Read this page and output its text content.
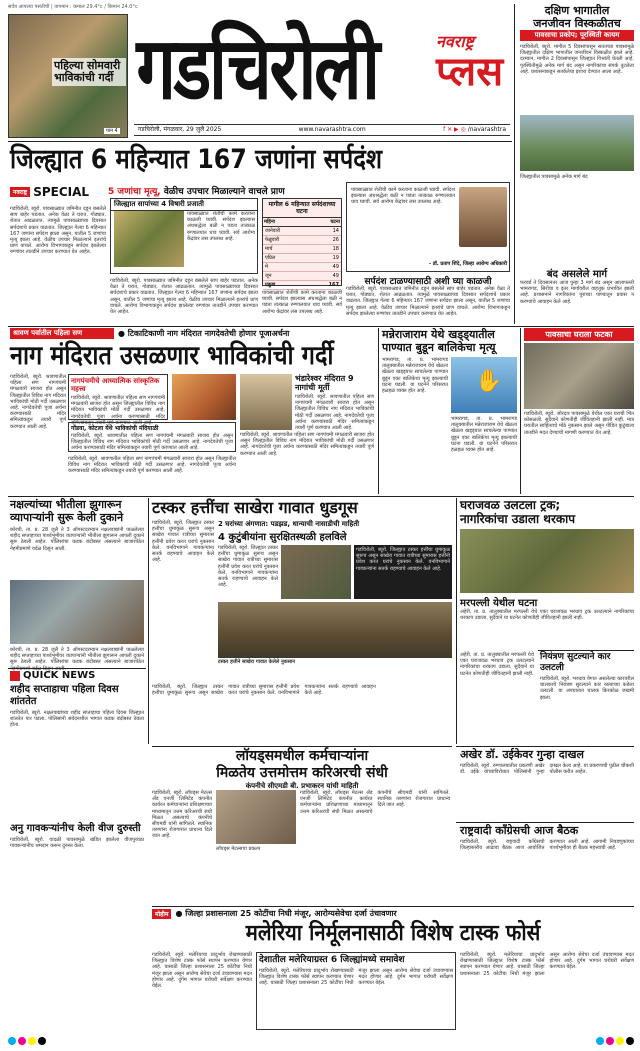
सर्वत्र आपल्या पसंतीची | तापमान : कमाल 29.4°c / किमान 24.0°c
पहिल्या सोमवारी भाविकांची गर्दी
पान 4
गडचिरोली	नवराष्ट्र
प्लस
गडचिरोली, मंगळवार, 29 जुलै 2025	www.navarashtra.com	f ✕ ▶ ◎ /navarashtra
दक्षिण भागातील
जनजीवन विस्कळीतच
पावसाचा प्रकोप; पूरस्थिती कायम
गडचिरोली, ब्यूरो. मागील 5 दिवसांपासून सततच्या पावसामुळे जिल्ह्यातील दक्षिण भागातील जनजीवन विस्कळीत झाले आहे. दरम्यान, मागील 2 दिवसांपासून जिल्ह्यात विश्रांती घेतली आहे. पूरस्थितीमुळे अनेक मार्ग बंद असून नागरिकांचा संपर्क तुटलेला आहे. प्रशासनाकडून सतर्कतेचा इशारा देण्यात आला आहे.
जिल्ह्यातील पावसामुळे अनेक मार्ग बंद
बंद असलेले मार्ग
फरवर्ड ते दिवसानंतर आज पुन्हा 3 मार्ग बंद असून आलापल्ली भामरागड, सिरोंचा व इतर मार्गांवरील वाहतूक प्रभावित झाली आहे. प्रशासनाने नागरिकांना पुराच्या पाण्यातून प्रवास न करण्याचे आवाहन केले आहे.
जिल्ह्यात 6 महिन्यात 167 जणांना सर्पदंश
नवराष्ट्र SPECIAL 5 जणांचा मृत्यू, वेळीच उपचार मिळाल्याने वाचले प्राण
गडचिरोली, ब्यूरो. पावसाळ्यात जमिनीत दडून बसलेले साप बाहेर पडतात. अनेक वेळा ते घरात, गोठ्यात, शेतात आढळतात. त्यामुळे पावसाळ्याच्या दिवसात सर्पदंशाचे प्रकार वाढतात. जिल्ह्यात गेल्या 6 महिन्यात 167 जणांना सर्पदंश झाला असून, यातील 5 जणांचा मृत्यू झाला आहे. वेळीच उपचार मिळाल्याने इतरांचे प्राण वाचले. आरोग्य विभागाकडून सर्पदंश झालेल्या रुग्णांवर तातडीने उपचार करण्यात येत आहेत.
जिल्ह्यात सापांच्या 4 विषारी प्रजाती
पावसाळ्यात शेतीची कामे करताना काळजी घ्यावी. सर्पदंश झाल्यास अंधश्रद्धेला बळी न पडता तात्काळ रुग्णालयात धाव घ्यावी. सर्व आरोग्य केंद्रांवर लस उपलब्ध आहे.
मागील 6 महिन्यात सर्पदंशाच्या घटना
महिना	घटना
जानेवारी	14
फेब्रुवारी	26
मार्च	18
एप्रिल	19
मे	49
जून	49
एकूण	167
गडचिरोली, ब्यूरो. पावसाळ्यात जमिनीत दडून बसलेले साप बाहेर पडतात. अनेक वेळा ते घरात, गोठ्यात, शेतात आढळतात. त्यामुळे पावसाळ्याच्या दिवसात सर्पदंशाचे प्रकार वाढतात. जिल्ह्यात गेल्या 6 महिन्यात 167 जणांना सर्पदंश झाला असून, यातील 5 जणांचा मृत्यू झाला आहे. वेळीच उपचार मिळाल्याने इतरांचे प्राण वाचले. आरोग्य विभागाकडून सर्पदंश झालेल्या रुग्णांवर तातडीने उपचार करण्यात येत आहेत.
पावसाळ्यात शेतीची कामे करताना काळजी घ्यावी. सर्पदंश झाल्यास अंधश्रद्धेला बळी न पडता तात्काळ रुग्णालयात धाव घ्यावी. सर्व आरोग्य केंद्रांवर लस उपलब्ध आहे.
पावसाळ्यात शेतीची कामे करताना काळजी घ्यावी. सर्पदंश झाल्यास अंधश्रद्धेला बळी न पडता तात्काळ रुग्णालयात धाव घ्यावी. सर्व आरोग्य केंद्रांवर लस उपलब्ध आहे.
- डॉ. प्रताप शिंदे, जिल्हा आरोग्य अधिकारी
सर्पदंश टाळण्यासाठी अशी घ्या काळजी
गडचिरोली, ब्यूरो. पावसाळ्यात जमिनीत दडून बसलेले साप बाहेर पडतात. अनेक वेळा ते घरात, गोठ्यात, शेतात आढळतात. त्यामुळे पावसाळ्याच्या दिवसात सर्पदंशाचे प्रकार वाढतात. जिल्ह्यात गेल्या 6 महिन्यात 167 जणांना सर्पदंश झाला असून, यातील 5 जणांचा मृत्यू झाला आहे. वेळीच उपचार मिळाल्याने इतरांचे प्राण वाचले. आरोग्य विभागाकडून सर्पदंश झालेल्या रुग्णांवर तातडीने उपचार करण्यात येत आहेत.
श्रावण पर्वातील पहिला सण	● टिकाटिकाणी नाग मंदिरात नागदेवतेची होणार पूजाअर्चना
नाग मंदिरात उसळणार भाविकांची गर्दी
गडचिरोली, ब्यूरो. श्रावणातील पहिला सण नागपंचमी मंगळवारी साजरा होत असून जिल्ह्यातील विविध नाग मंदिरात भाविकांची मोठी गर्दी उसळणार आहे. नागदेवतेची पूजा अर्चना करण्यासाठी मंदिर समित्यांकडून तयारी पूर्ण करण्यात आली आहे.
नागपंचमीचे आध्यात्मिक सांस्कृतिक महत्त्व
गडचिरोली, ब्यूरो. श्रावणातील पहिला सण नागपंचमी मंगळवारी साजरा होत असून जिल्ह्यातील विविध नाग मंदिरात भाविकांची मोठी गर्दी उसळणार आहे. नागदेवतेची पूजा अर्चना करण्यासाठी मंदिर समित्यांकडून तयारी पूर्ण करण्यात आली आहे.
गोंडवा, कोटला येथे भाविकांची मंदियाळी
गडचिरोली, ब्यूरो. श्रावणातील पहिला सण नागपंचमी मंगळवारी साजरा होत असून जिल्ह्यातील विविध नाग मंदिरात भाविकांची मोठी गर्दी उसळणार आहे. नागदेवतेची पूजा अर्चना करण्यासाठी मंदिर समित्यांकडून तयारी पूर्ण करण्यात आली आहे.
गडचिरोली, ब्यूरो. श्रावणातील पहिला सण नागपंचमी मंगळवारी साजरा होत असून जिल्ह्यातील विविध नाग मंदिरात भाविकांची मोठी गर्दी उसळणार आहे. नागदेवतेची पूजा अर्चना करण्यासाठी मंदिर समित्यांकडून तयारी पूर्ण करण्यात आली आहे.
भंडारेश्वर मंदिरात 9 नागांची मूर्ती
गडचिरोली, ब्यूरो. श्रावणातील पहिला सण नागपंचमी मंगळवारी साजरा होत असून जिल्ह्यातील विविध नाग मंदिरात भाविकांची मोठी गर्दी उसळणार आहे. नागदेवतेची पूजा अर्चना करण्यासाठी मंदिर समित्यांकडून तयारी पूर्ण करण्यात आली आहे.
गडचिरोली, ब्यूरो. श्रावणातील पहिला सण नागपंचमी मंगळवारी साजरा होत असून जिल्ह्यातील विविध नाग मंदिरात भाविकांची मोठी गर्दी उसळणार आहे. नागदेवतेची पूजा अर्चना करण्यासाठी मंदिर समित्यांकडून तयारी पूर्ण करण्यात आली आहे.
मन्नेराजाराम येथे खड्ड्यातील
पाण्यात बुडून बालिकेचा मृत्यू
भामरागड, ता. प्र. भामरागड तालुक्यातील मन्नेराजाराम येथे खेळता खेळता खड्ड्यात साचलेल्या पाण्यात बुडून एका बालिकेचा मृत्यू झाल्याची घटना घडली. या घटनेने परिसरात हळहळ व्यक्त होत आहे.	✋
भामरागड, ता. प्र. भामरागड तालुक्यातील मन्नेराजाराम येथे खेळता खेळता खड्ड्यात साचलेल्या पाण्यात बुडून एका बालिकेचा मृत्यू झाल्याची घटना घडली. या घटनेने परिसरात हळहळ व्यक्त होत आहे.
पावसाचा घराला फटका
गडचिरोली, ब्यूरो. जोरदार पावसामुळे येथील एका घराची भिंत कोसळली. सुदैवाने कोणतीही जीवितहानी झाली नाही. मात्र घरातील साहित्याचे मोठे नुकसान झाले असून पीडित कुटुंबाला तातडीने मदत देण्याची मागणी करण्यात येत आहे.
नक्षल्यांच्या भीतीला झुगारून
व्यापाऱ्यांनी सुरू केली दुकाने
कोरची, ता. प्र. 28 जुलै ते 3 ऑगस्टदरम्यान नक्षलवाद्यांनी पाळलेल्या शहीद सप्ताहाच्या पार्श्वभूमीवर व्यापाऱ्यांनी भीतीला झुगारून आपली दुकाने सुरू ठेवली आहेत. पोलिसांचा कडक बंदोबस्त असल्याने बाजारपेठेत नेहमीप्रमाणे वर्दळ दिसून आली.
कोरची, ता. प्र. 28 जुलै ते 3 ऑगस्टदरम्यान नक्षलवाद्यांनी पाळलेल्या शहीद सप्ताहाच्या पार्श्वभूमीवर व्यापाऱ्यांनी भीतीला झुगारून आपली दुकाने सुरू ठेवली आहेत. पोलिसांचा कडक बंदोबस्त असल्याने बाजारपेठेत
टस्कर हत्तींचा साखेरा गावात धुडगूस
गडचिरोली, ब्यूरो. जिल्ह्यात टस्कर हत्तींचा धुमाकूळ सुरूच असून साखेरा गावात रात्रीच्या सुमारास हत्तींनी प्रवेश करत घरांचे नुकसान केले. वनविभागाने गावकऱ्यांना सतर्क राहण्याचे आवाहन केले आहे.
2 घरांच्या अंगणात: पडझड, धान्याची नासाडीची माहिती
4 कुटुंबीयांना सुरक्षितस्थळी हलविले
गडचिरोली, ब्यूरो. जिल्ह्यात टस्कर हत्तींचा धुमाकूळ सुरूच असून साखेरा गावात रात्रीच्या सुमारास हत्तींनी प्रवेश करत घरांचे नुकसान केले. वनविभागाने गावकऱ्यांना सतर्क राहण्याचे आवाहन केले आहे.
गडचिरोली, ब्यूरो. जिल्ह्यात टस्कर हत्तींचा धुमाकूळ सुरूच असून साखेरा गावात रात्रीच्या सुमारास हत्तींनी प्रवेश करत घरांचे नुकसान केले. वनविभागाने गावकऱ्यांना सतर्क राहण्याचे आवाहन केले आहे.
टस्कर हत्तीने साखेरा गावात केलेले नुकसान
गडचिरोली, ब्यूरो. जिल्ह्यात टस्कर हत्तींचा धुमाकूळ सुरूच असून साखेरा गावात रात्रीच्या सुमारास हत्तींनी प्रवेश करत घरांचे नुकसान केले. वनविभागाने गावकऱ्यांना सतर्क राहण्याचे आवाहन केले आहे.
घराजवळ उलटला ट्रक;
नागरिकांचा उडाला थरकाप
मरपल्ली येथील घटना
अहेरी, ता. प्र. तालुक्यातील मरपल्ली येथे एका घराजवळ भरधाव ट्रक उलटल्याने नागरिकांचा थरकाप उडाला. सुदैवाने या घटनेत कोणतीही जीवितहानी झाली नाही.
नियंत्रण सुटल्याने कार उलटली
गडचिरोली, ब्यूरो. भरधाव वेगात असलेल्या कारवरील चालकाचे नियंत्रण सुटल्याने कार रस्त्याच्या कडेला उलटली. या अपघातात चालक किरकोळ जखमी झाला.
अहेरी, ता. प्र. तालुक्यातील मरपल्ली येथे एका घराजवळ भरधाव ट्रक उलटल्याने नागरिकांचा थरकाप उडाला. सुदैवाने या घटनेत कोणतीही जीवितहानी झाली नाही.
QUICK NEWS
शहीद सप्ताहाचा पहिला दिवस शांततेत
गडचिरोली, ब्यूरो. नक्षलवाद्यांच्या शहीद सप्ताहाचा पहिला दिवस जिल्ह्यात शांततेत पार पडला. पोलिसांनी संवेदनशील भागात कडक बंदोबस्त ठेवला होता.
अनु गावकऱ्यांनीच केली वीज दुरुस्ती
गडचिरोली, ब्यूरो. वादळी पावसामुळे खंडित झालेला वीजपुरवठा गावकऱ्यांनीच श्रमदान करून दुरुस्त केला.
लॉयड्समधील कर्मचाऱ्यांना
मिळतेय उत्तमोत्तम करिअरची संधी
कंपनीचे सीएमडी बी. प्रभाकरन यांची माहिती
गडचिरोली, ब्यूरो. लॉयड्स मेटल्स अँड एनर्जी लिमिटेड कंपनीत कार्यरत कर्मचाऱ्यांना प्रशिक्षणाच्या माध्यमातून उत्तम करिअरची संधी मिळत असल्याचे कंपनीचे सीएमडी यांनी सांगितले. स्थानिक तरुणांना रोजगारात प्राधान्य दिले जात आहे.
लॉयड्स मेटल्सचा प्रकल्प
गडचिरोली, ब्यूरो. लॉयड्स मेटल्स अँड एनर्जी लिमिटेड कंपनीत कार्यरत कर्मचाऱ्यांना प्रशिक्षणाच्या माध्यमातून उत्तम करिअरची संधी मिळत असल्याचे कंपनीचे सीएमडी यांनी सांगितले. स्थानिक तरुणांना रोजगारात प्राधान्य दिले जात आहे.
अखेर डॉ. उईकेवर गुन्हा दाखल
गडचिरोली, ब्यूरो. रुग्णालयातील प्रकरणी अखेर डॉ. उईके यांच्याविरोधात पोलिसांनी गुन्हा दाखल केला आहे. या प्रकरणाची पुढील चौकशी पोलीस करीत आहेत.
राष्ट्रवादी काँग्रेसची आज बैठक
गडचिरोली, ब्यूरो. राष्ट्रवादी काँग्रेसची जिल्हास्तरीय आढावा बैठक आज आयोजित करण्यात आली आहे. आगामी निवडणुकांच्या पार्श्वभूमीवर ही बैठक महत्त्वाची आहे.
मोहीम ● जिल्हा प्रशासनाला 25 कोटींचा निधी मंजूर, आरोग्यसेवेचा दर्जा उंचावणार
मलेरिया निर्मूलनासाठी विशेष टास्क फोर्स
गडचिरोली, ब्यूरो. मलेरियाचा प्रादुर्भाव रोखण्यासाठी जिल्ह्यात विशेष टास्क फोर्स स्थापन करण्यात येणार आहे. यासाठी जिल्हा प्रशासनाला 25 कोटींचा निधी मंजूर झाला असून आरोग्य सेवेचा दर्जा उंचावण्यास मदत होणार आहे. दुर्गम भागात घरोघरी सर्वेक्षण करण्यात येईल.
देशातील मलेरियाग्रस्त 6 जिल्ह्यांमध्ये समावेश
गडचिरोली, ब्यूरो. मलेरियाचा प्रादुर्भाव रोखण्यासाठी जिल्ह्यात विशेष टास्क फोर्स स्थापन करण्यात येणार आहे. यासाठी जिल्हा प्रशासनाला 25 कोटींचा निधी मंजूर झाला असून आरोग्य सेवेचा दर्जा उंचावण्यास मदत होणार आहे. दुर्गम भागात घरोघरी सर्वेक्षण करण्यात येईल.
गडचिरोली, ब्यूरो. मलेरियाचा प्रादुर्भाव रोखण्यासाठी जिल्ह्यात विशेष टास्क फोर्स स्थापन करण्यात येणार आहे. यासाठी जिल्हा प्रशासनाला 25 कोटींचा निधी मंजूर झाला असून आरोग्य सेवेचा दर्जा उंचावण्यास मदत होणार आहे. दुर्गम भागात घरोघरी सर्वेक्षण करण्यात येईल.
